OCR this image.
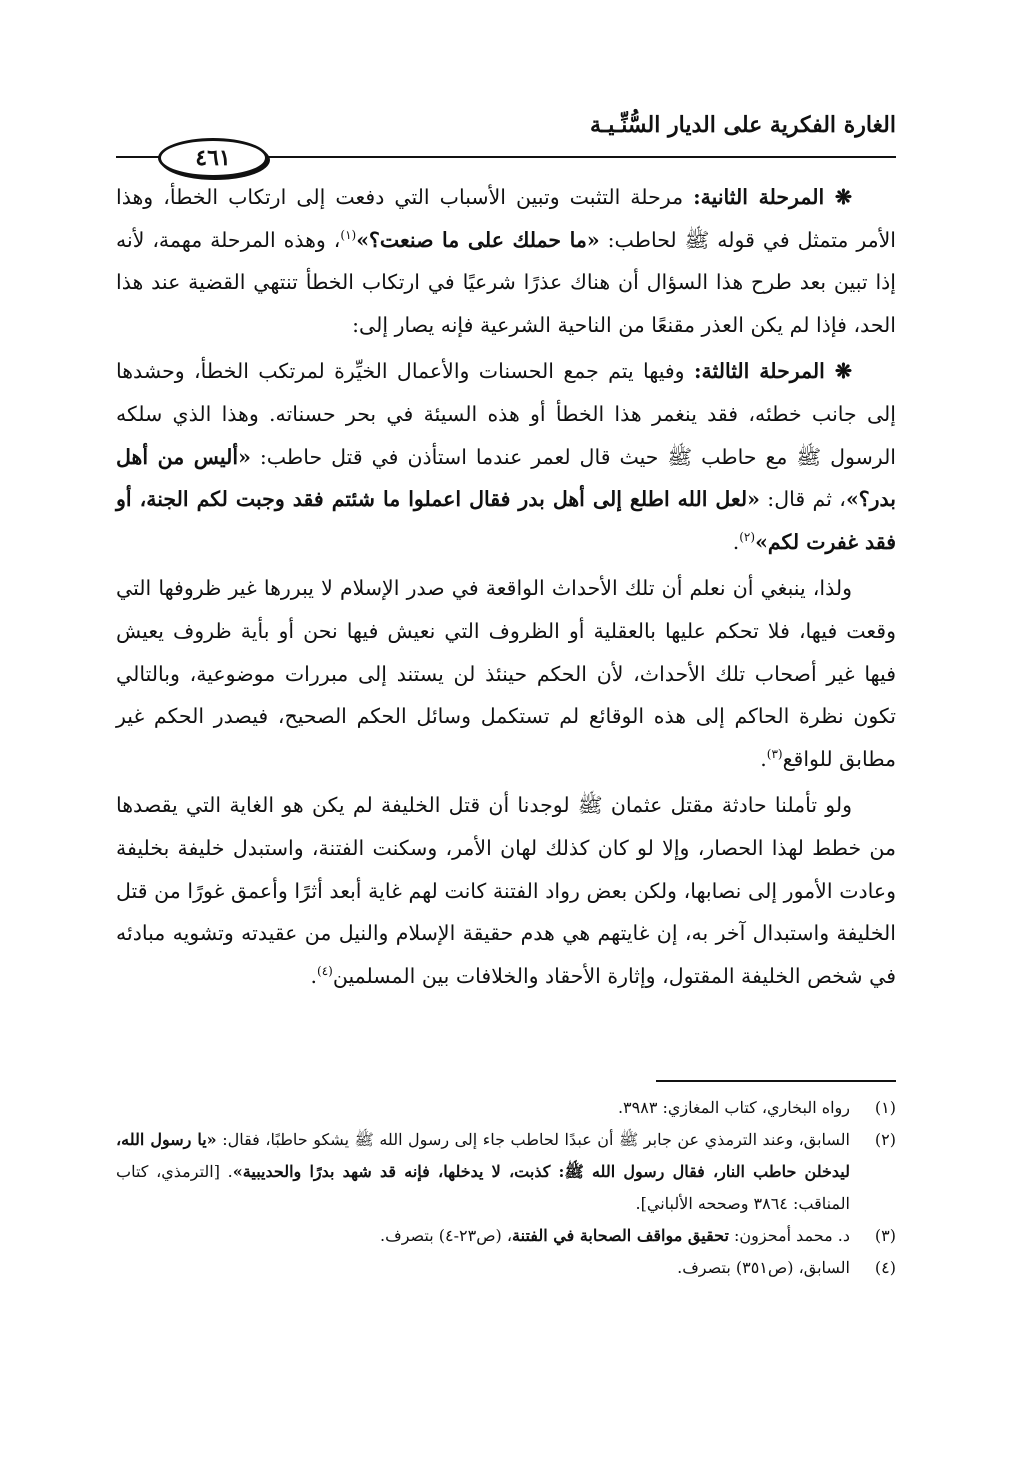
الغارة الفكرية على الديار السُّنِّـيـة
٤٦١

❋ المرحلة الثانية: مرحلة التثبت وتبين الأسباب التي دفعت إلى ارتكاب الخطأ، وهذا الأمر متمثل في قوله ﷺ لحاطب: «ما حملك على ما صنعت؟»$^{(١)}$، وهذه المرحلة مهمة، لأنه إذا تبين بعد طرح هذا السؤال أن هناك عذرًا شرعيًا في ارتكاب الخطأ تنتهي القضية عند هذا الحد، فإذا لم يكن العذر مقنعًا من الناحية الشرعية فإنه يصار إلى:

❋ المرحلة الثالثة: وفيها يتم جمع الحسنات والأعمال الخيِّرة لمرتكب الخطأ، وحشدها إلى جانب خطئه، فقد ينغمر هذا الخطأ أو هذه السيئة في بحر حسناته. وهذا الذي سلكه الرسول ﷺ مع حاطب ﷺ حيث قال لعمر عندما استأذن في قتل حاطب: «أليس من أهل بدر؟»، ثم قال: «لعل الله اطلع إلى أهل بدر فقال اعملوا ما شئتم فقد وجبت لكم الجنة، أو فقد غفرت لكم»$^{(٢)}$.

ولذا، ينبغي أن نعلم أن تلك الأحداث الواقعة في صدر الإسلام لا يبررها غير ظروفها التي وقعت فيها، فلا تحكم عليها بالعقلية أو الظروف التي نعيش فيها نحن أو بأية ظروف يعيش فيها غير أصحاب تلك الأحداث، لأن الحكم حينئذ لن يستند إلى مبررات موضوعية، وبالتالي تكون نظرة الحاكم إلى هذه الوقائع لم تستكمل وسائل الحكم الصحيح، فيصدر الحكم غير مطابق للواقع$^{(٣)}$.

ولو تأملنا حادثة مقتل عثمان ﷺ لوجدنا أن قتل الخليفة لم يكن هو الغاية التي يقصدها من خطط لهذا الحصار، وإلا لو كان كذلك لهان الأمر، وسكنت الفتنة، واستبدل خليفة بخليفة وعادت الأمور إلى نصابها، ولكن بعض رواد الفتنة كانت لهم غاية أبعد أثرًا وأعمق غورًا من قتل الخليفة واستبدال آخر به، إن غايتهم هي هدم حقيقة الإسلام والنيل من عقيدته وتشويه مبادئه في شخص الخليفة المقتول، وإثارة الأحقاد والخلافات بين المسلمين$^{(٤)}$.

(١)
رواه البخاري، كتاب المغازي: ٣٩٨٣.

(٢)
السابق، وعند الترمذي عن جابر ﷺ أن عبدًا لحاطب جاء إلى رسول الله ﷺ يشكو حاطبًا، فقال: «يا رسول الله، ليدخلن حاطب النار، فقال رسول الله ﷺ: كذبت، لا يدخلها، فإنه قد شهد بدرًا والحديبية». [الترمذي، كتاب المناقب: ٣٨٦٤ وصححه الألباني].

(٣)
د. محمد أمحزون: تحقيق مواقف الصحابة في الفتنة، (ص٢٣-٤) بتصرف.

(٤)
السابق، (ص٣٥١) بتصرف.
